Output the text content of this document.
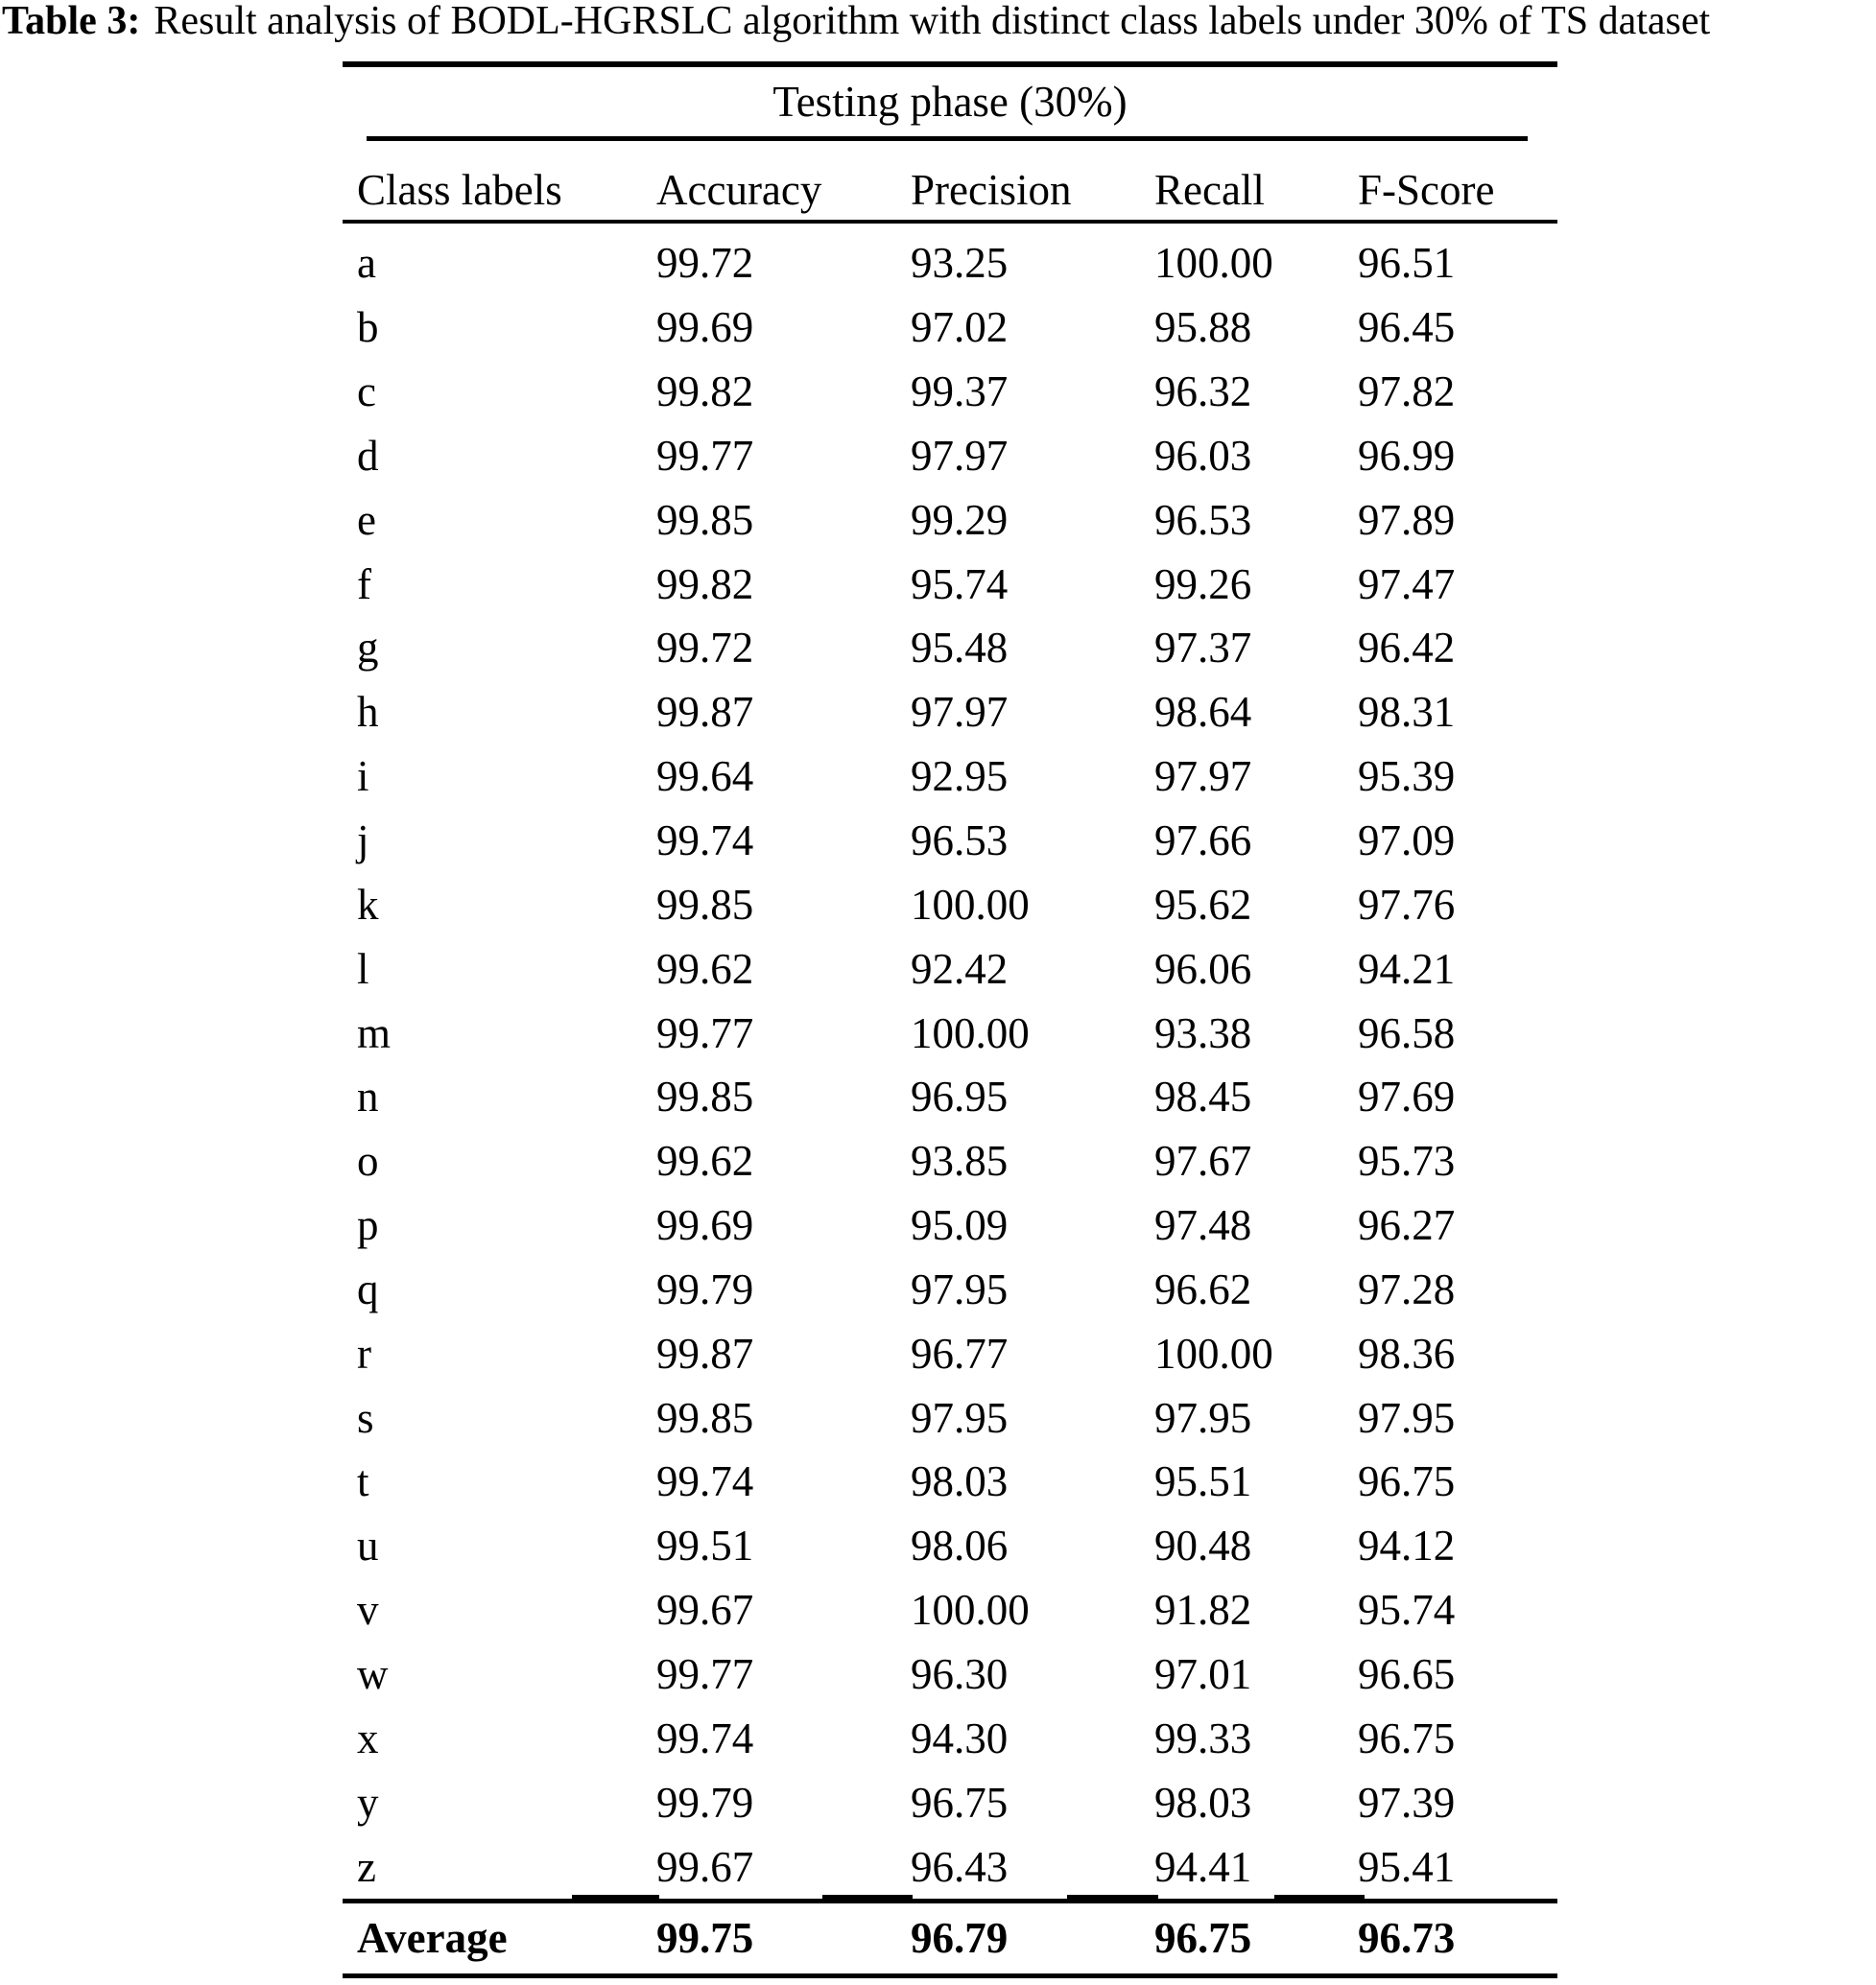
Table 3: Result analysis of BODL-HGRSLC algorithm with distinct class labels under 30% of TS dataset
Testing phase (30%)
Class labels	Accuracy	Precision	Recall	F-Score
a	99.72	93.25	100.00	96.51
b	99.69	97.02	95.88	96.45
c	99.82	99.37	96.32	97.82
d	99.77	97.97	96.03	96.99
e	99.85	99.29	96.53	97.89
f	99.82	95.74	99.26	97.47
g	99.72	95.48	97.37	96.42
h	99.87	97.97	98.64	98.31
i	99.64	92.95	97.97	95.39
j	99.74	96.53	97.66	97.09
k	99.85	100.00	95.62	97.76
l	99.62	92.42	96.06	94.21
m	99.77	100.00	93.38	96.58
n	99.85	96.95	98.45	97.69
o	99.62	93.85	97.67	95.73
p	99.69	95.09	97.48	96.27
q	99.79	97.95	96.62	97.28
r	99.87	96.77	100.00	98.36
s	99.85	97.95	97.95	97.95
t	99.74	98.03	95.51	96.75
u	99.51	98.06	90.48	94.12
v	99.67	100.00	91.82	95.74
w	99.77	96.30	97.01	96.65
x	99.74	94.30	99.33	96.75
y	99.79	96.75	98.03	97.39
z	99.67	96.43	94.41	95.41
Average	99.75	96.79	96.75	96.73
